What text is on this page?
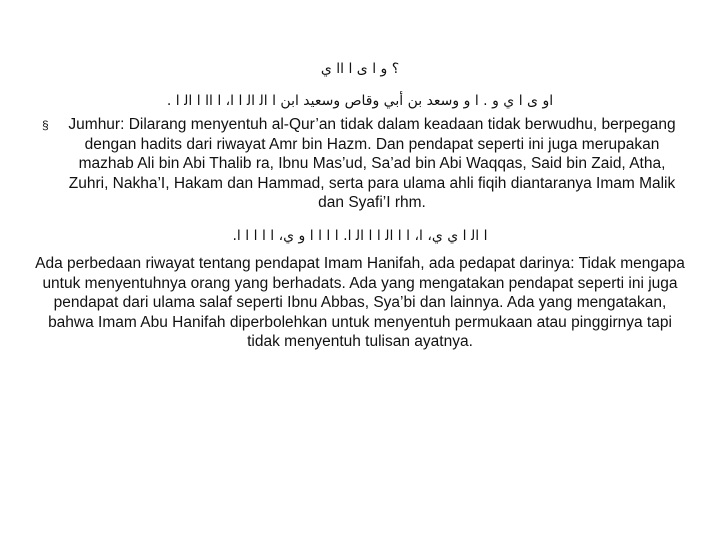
؟ و ا ى ا اا ي
او ى ا ي و . ا و وسعد بن أبي وقاص وسعيد ابن ا اﻟ اﻟ ا ا، ا اا ا اﻟ ا .
§	Jumhur: Dilarang menyentuh al-Qur’an tidak dalam keadaan tidak berwudhu, berpegang dengan hadits dari riwayat Amr bin Hazm. Dan pendapat seperti ini juga merupakan mazhab Ali bin Abi Thalib ra, Ibnu Mas’ud, Sa’ad bin Abi Waqqas, Said bin Zaid, Atha, Zuhri, Nakha’I, Hakam dan Hammad, serta para ulama ahli fiqih diantaranya Imam Malik dan Syafi’I rhm.
ا اﻟ ا ي ي، ا، ا ا اﻟ ا ا اﻟ ا. ا ا ا ا و ي، ا ا ا ا ا.
Ada perbedaan riwayat tentang pendapat Imam Hanifah, ada pedapat darinya: Tidak mengapa untuk menyentuhnya orang yang berhadats. Ada yang mengatakan pendapat seperti ini juga pendapat dari ulama salaf seperti Ibnu Abbas, Sya’bi dan lainnya. Ada yang mengatakan, bahwa Imam Abu Hanifah diperbolehkan untuk menyentuh permukaan atau pinggirnya tapi tidak menyentuh tulisan ayatnya.
